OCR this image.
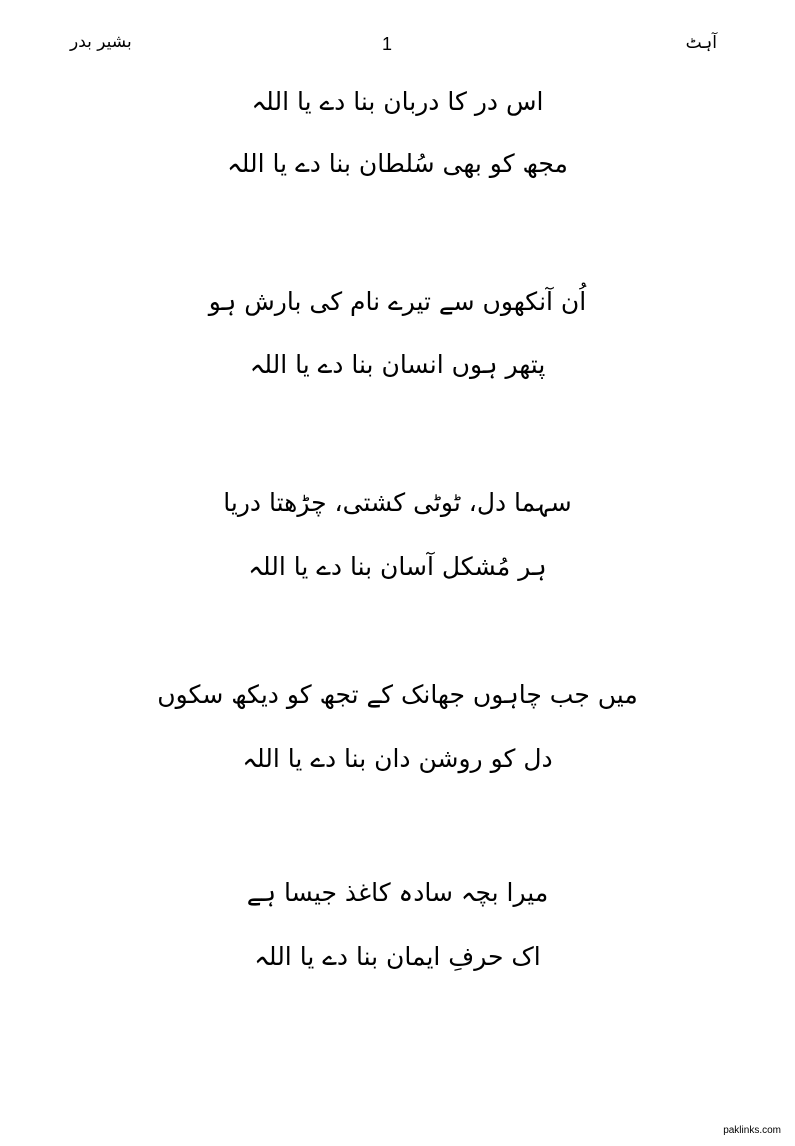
بشیر بدر	1	آہٹ
اس در کا دربان بنا دے یا اللہ
مجھ کو بھی سُلطان بنا دے یا اللہ
اُن آنکھوں سے تیرے نام کی بارش ہو
پتھر ہوں انسان بنا دے یا اللہ
سہما دل، ٹوٹی کشتی، چڑھتا دریا
ہر مُشکل آسان بنا دے یا اللہ
میں جب چاہوں جھانک کے تجھ کو دیکھ سکوں
دل کو روشن دان بنا دے یا اللہ
میرا بچہ سادہ کاغذ جیسا ہے
اک حرفِ ایمان بنا دے یا اللہ
paklinks.com
